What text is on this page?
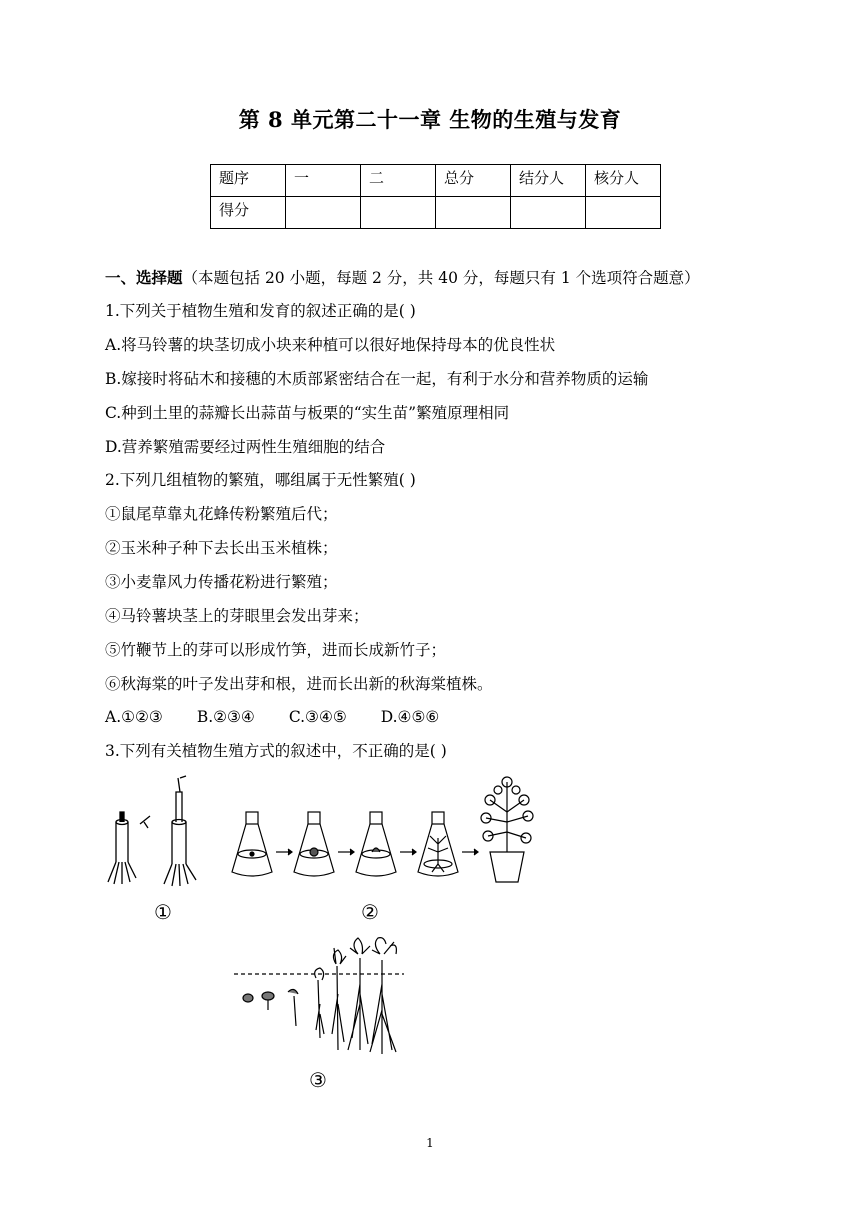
第 8 单元第二十一章 生物的生殖与发育
题序	一	二	总分	结分人	核分人
得分					
一、选择题（本题包括 20 小题，每题 2 分，共 40 分，每题只有 1 个选项符合题意）
1.下列关于植物生殖和发育的叙述正确的是( )
A.将马铃薯的块茎切成小块来种植可以很好地保持母本的优良性状
B.嫁接时将砧木和接穗的木质部紧密结合在一起，有利于水分和营养物质的运输
C.种到土里的蒜瓣长出蒜苗与板栗的“实生苗”繁殖原理相同
D.营养繁殖需要经过两性生殖细胞的结合
2.下列几组植物的繁殖，哪组属于无性繁殖( )
①鼠尾草靠丸花蜂传粉繁殖后代；
②玉米种子种下去长出玉米植株；
③小麦靠风力传播花粉进行繁殖；
④马铃薯块茎上的芽眼里会发出芽来；
⑤竹鞭节上的芽可以形成竹笋，进而长成新竹子；
⑥秋海棠的叶子发出芽和根，进而长出新的秋海棠植株。
A.①②③ B.②③④ C.③④⑤ D.④⑤⑥
3.下列有关植物生殖方式的叙述中，不正确的是( )
①	②
③
1
